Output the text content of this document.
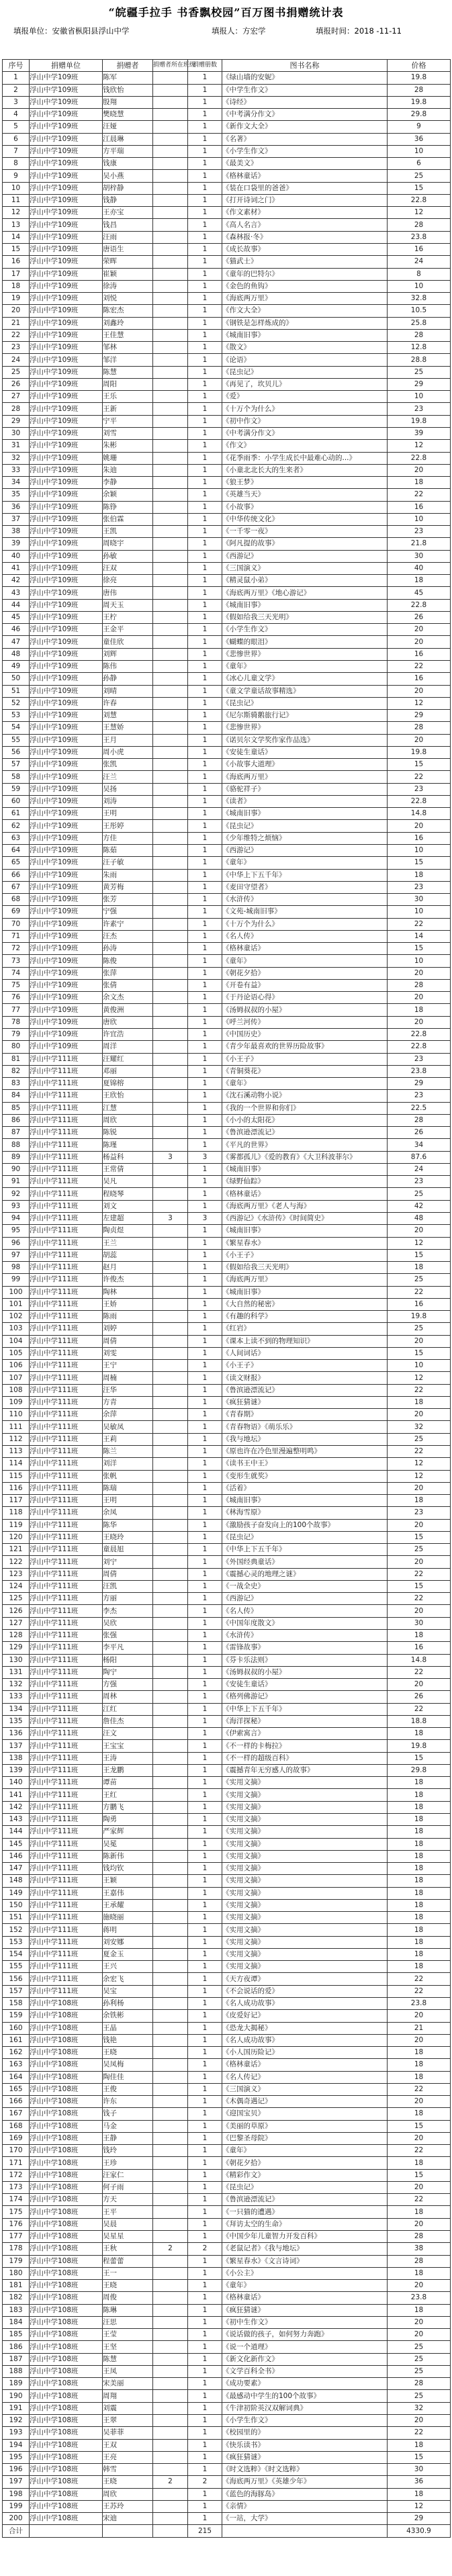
“皖疆手拉手 书香飘校园”百万图书捐赠统计表
填报单位：安徽省枞阳县浮山中学	填报人：方宏学	填报时间：2018 -11-11
序号	捐赠单位	捐赠者	捐赠者所在班级	捐赠册数	图书名称	价格
1	浮山中学109班	陈军		1	《绿山墙的安妮》	19.8
2	浮山中学109班	钱欣怡		1	《中学生作文》	28
3	浮山中学109班	殷翔		1	《诗经》	19.8
4	浮山中学109班	樊晓慧		1	《中考满分作文》	29.8
5	浮山中学109班	汪娅		1	《新作文大全》	9
6	浮山中学109班	江晨琳		1	《名著》	36
7	浮山中学109班	方平瑞		1	《小学生作文》	10
8	浮山中学109班	钱康		1	《最美文》	6
9	浮山中学109班	吴小燕		1	《格林童话》	25
10	浮山中学109班	胡梓静		1	《装在口袋里的爸爸》	15
11	浮山中学109班	钱静		1	《打开诗词之门》	22.8
12	浮山中学109班	王亦宝		1	《作文素材》	12
13	浮山中学109班	钱昌		1	《高人名言》	28
14	浮山中学109班	汪雨		1	《森林报·冬》	23.8
15	浮山中学109班	唐语生		1	《成长故事》	16
16	浮山中学109班	荣晖		1	《猫武士》	24
17	浮山中学109班	崔颖		1	《童年的巴特尔》	8
18	浮山中学109班	徐涛		1	《金色的鱼钩》	10
19	浮山中学109班	刘悦		1	《海底两万里》	32.8
20	浮山中学109班	陈宏杰		1	《作文大全》	10.5
21	浮山中学109班	刘鑫玲		1	《钢铁是怎样炼成的》	25.8
22	浮山中学109班	王佳慧		1	《城南旧事》	28
23	浮山中学109班	邹林		1	《散文》	12.8
24	浮山中学109班	邹洋		1	《论语》	28.8
25	浮山中学109班	陈慧		1	《昆虫记》	25
26	浮山中学109班	周阳		1	《再见了，坎贝儿》	29
27	浮山中学109班	王乐		1	《爱》	10
28	浮山中学109班	王新		1	《十万个为什么》	23
29	浮山中学109班	宁平		1	《初中作文》	19.8
30	浮山中学109班	刘雪		1	《中考满分作文》	39
31	浮山中学109班	朱彬		1	《作文》	12
32	浮山中学109班	姚珊		1	《花季雨季：小学生成长中最难心动的...》	22.8
33	浮山中学109班	朱迪		1	《小童北北长大的生来者》	20
34	浮山中学109班	李静		1	《狼王梦》	18
35	浮山中学109班	余颖		1	《英雄当天》	22
36	浮山中学109班	陈铮		1	《小故事》	16
37	浮山中学109班	张伯霖		1	《中华传统文化》	10
38	浮山中学109班	王凯		1	《一千零一夜》	23
39	浮山中学109班	周晓宇		1	《阿凡提的故事》	21.8
40	浮山中学109班	孙敏		1	《西游记》	30
41	浮山中学109班	汪双		1	《三国演义》	40
42	浮山中学109班	徐亮		1	《精灵鼠小弟》	18
43	浮山中学109班	唐伟		1	《海底两万里》《地心游记》	45
44	浮山中学109班	周天玉		1	《城南旧事》	22.8
45	浮山中学109班	王柠		1	《假如给我三天光明》	26
46	浮山中学109班	王金平		1	《小学生作文》	20
47	浮山中学109班	童佳欣		1	《蝴蝶的眼泪》	20
48	浮山中学109班	刘辉		1	《悲惨世界》	16
49	浮山中学109班	陈伟		1	《童年》	22
50	浮山中学109班	孙静		1	《冰心儿童文学》	16
51	浮山中学109班	刘晴		1	《童文学童话故事精选》	20
52	浮山中学109班	许春		1	《昆虫记》	12
53	浮山中学109班	刘慧		1	《尼尔斯骑鹅旅行记》	29
54	浮山中学109班	王慧娇		1	《悲惨世界》	28
55	浮山中学109班	王月		1	《诺贝尔文学奖作家作品选》	20
56	浮山中学109班	周小虎		1	《安徒生童话》	19.8
57	浮山中学109班	张凯		1	《小故事大道理》	15
58	浮山中学109班	汪兰		1	《海底两万里》	22
59	浮山中学109班	吴扬		1	《骆驼祥子》	23
60	浮山中学109班	刘涛		1	《读者》	22.8
61	浮山中学109班	王明		1	《城南旧事》	14.8
62	浮山中学109班	王彤婷		1	《昆虫记》	20
63	浮山中学109班	方佳		1	《少年维特之烦恼》	16
64	浮山中学109班	陈茹		1	《西游记》	10
65	浮山中学109班	汪子敏		1	《童年》	15
66	浮山中学109班	朱雨		1	《中华上下五千年》	18
67	浮山中学109班	黄芳梅		1	《麦田守望者》	23
68	浮山中学109班	张芳		1	《水浒传》	30
69	浮山中学109班	宁强		1	《文苑-城南旧事》	10
70	浮山中学109班	许素宁		1	《十万个为什么》	22
71	浮山中学109班	汪杰		1	《名人传》	14
72	浮山中学109班	孙涛		1	《格林童话》	15
73	浮山中学109班	陈俊		1	《童年》	10
74	浮山中学109班	张萍		1	《朝花夕拾》	20
75	浮山中学109班	张倩		1	《开卷有益》	28
76	浮山中学109班	余文杰		1	《于丹论语心得》	20
77	浮山中学109班	黄俊洲		1	《汤姆叔叔的小屋》	18
78	浮山中学109班	唐欣		1	《呼兰河传》	20
79	浮山中学109班	许宜浩		1	《中国历史》	22.8
80	浮山中学109班	周洋		1	《青少年最喜欢的世界历险故事》	22.8
81	浮山中学111班	汪耀红		1	《小王子》	23
82	浮山中学111班	邓丽		1	《青铜葵花》	23.8
83	浮山中学111班	夏锦榕		1	《童年》	29
84	浮山中学111班	王欣怡		1	《沈石溪动物小说》	23
85	浮山中学111班	江慧		1	《我的一个世界和你们》	22.5
86	浮山中学111班	周欣		1	《小小的太阳花》	28
87	浮山中学111班	陈锐		1	《鲁滨逊漂流记》	26
88	浮山中学111班	陈瑾		1	《平凡的世界》	34
89	浮山中学111班	杨益科	3	3	《雾都孤儿》《爱的教育》《大卫科波菲尔》	87.6
90	浮山中学111班	王常倩		1	《城南旧事》	24
91	浮山中学111班	吴凡		1	《绿野仙踪》	23
92	浮山中学111班	程晓琴		1	《格林童话》	25
93	浮山中学111班	刘文		1	《海底两万里》《老人与海》	42
94	浮山中学111班	左建超	3	3	《西游记》《水浒传》《时间简史》	48
95	浮山中学111班	陶贞煜		1	《城南旧事》	20
96	浮山中学111班	王兰		1	《繁星春水》	12
97	浮山中学111班	胡蕊		1	《小王子》	15
98	浮山中学111班	赵月		1	《假如给我三天光明》	18
99	浮山中学111班	许俊杰		1	《海底两万里》	25
100	浮山中学111班	陶林		1	《城南旧事》	22
101	浮山中学111班	王娇		1	《大自然的秘密》	16
102	浮山中学111班	陈雨		1	《有趣的科学》	19.8
103	浮山中学111班	刘婷		1	《红岩》	25
104	浮山中学111班	周倩		1	《课本上读不到的物理知识》	20
105	浮山中学111班	刘雯		1	《人间词话》	15
106	浮山中学111班	王宁		1	《小王子》	10
107	浮山中学111班	周楠		1	《读文财报》	12
108	浮山中学111班	汪华		1	《鲁滨逊漂流记》	22
109	浮山中学111班	方青		1	《疯狂猜谜》	18
110	浮山中学111班	余萍		1	《青春期》	20
111	浮山中学111班	吴敏凤		1	《青春物语》《萌乐乐》	32
112	浮山中学111班	王莉		1	《我与地坛》	25
113	浮山中学111班	陈兰		1	《原也许在冷色里漫遍整明鸣》	22
114	浮山中学111班	刘洋		1	《读书王中王》	12
115	浮山中学111班	张帆		1	《变形生就奖》	12
116	浮山中学111班	陈瑞		1	《活着》	20
117	浮山中学111班	王明		1	《城南旧事》	18
118	浮山中学111班	余凤		1	《林海雪原》	23
119	浮山中学111班	陈华		1	《激励孩子奋发向上的100个故事》	20
120	浮山中学111班	王晓玲		1	《昆虫记》	15
121	浮山中学111班	童晨旭		1	《中华上下五千年》	25
122	浮山中学111班	刘宁		1	《外国经典童话》	20
123	浮山中学111班	周倩		1	《震撼心灵的地理之谜》	22
124	浮山中学111班	汪凯		1	《一战全史》	15
125	浮山中学111班	方丽		1	《西游记》	22
126	浮山中学111班	李杰		1	《名人传》	20
127	浮山中学111班	吴欣		1	《中国年度散文》	30
128	浮山中学111班	张强		1	《水浒传》	18
129	浮山中学111班	李平凡		1	《雷锋故事》	16
130	浮山中学111班	杨阳		1	《芬卡乐法则》	14.8
131	浮山中学111班	陶宁		1	《汤姆叔叔的小屋》	22
132	浮山中学111班	方强		1	《安徒生童话》	20
133	浮山中学111班	周林		1	《格列佛游记》	26
134	浮山中学111班	江红		1	《中华上下五千年》	22
135	浮山中学111班	詹佳杰		1	《海洋探秘》	18.8
136	浮山中学111班	汪文		1	《伊索寓言》	18
137	浮山中学111班	王宝宝		1	《不一样的卡梅拉》	19.8
138	浮山中学111班	王涛		1	《不一样的超级百科》	15
139	浮山中学111班	王龙鹏		1	《震撼青年无穷感人的故事》	29.8
140	浮山中学111班	谭苗		1	《实用文摘》	18
141	浮山中学111班	王红		1	《实用文摘》	18
142	浮山中学111班	方鹏飞		1	《实用文摘》	18
143	浮山中学111班	陶勇		1	《实用文摘》	18
144	浮山中学111班	严家辉		1	《实用文摘》	18
145	浮山中学111班	吴冕		1	《实用文摘》	18
146	浮山中学111班	陈新伟		1	《实用文摘》	18
147	浮山中学111班	钱均钦		1	《实用文摘》	18
148	浮山中学111班	王颖		1	《实用文摘》	18
149	浮山中学111班	王嘉伟		1	《实用文摘》	18
150	浮山中学111班	王承耀		1	《实用文摘》	18
151	浮山中学111班	施晓丽		1	《实用文摘》	18
152	浮山中学111班	蒋明		1	《实用文摘》	18
153	浮山中学111班	刘安娜		1	《实用文摘》	18
154	浮山中学111班	夏金玉		1	《实用文摘》	18
155	浮山中学111班	王兴		1	《实用文摘》	18
156	浮山中学111班	余宏飞		1	《天方夜谭》	22
157	浮山中学111班	吴宝		1	《不会说话的爱》	22
158	浮山中学108班	孙利杨		1	《名人成功故事》	23.8
159	浮山中学108班	余铁彬		1	《皮爱好记》	20
160	浮山中学108班	王晶		1	《恐龙大揭秘》	21
161	浮山中学108班	钱艳		1	《名人成功故事》	20
162	浮山中学108班	王晓		1	《小人国历险记》	18
163	浮山中学108班	吴凤梅		1	《格林童话》	18
164	浮山中学108班	陶佳佳		1	《名人传记》	18
165	浮山中学108班	王俊		1	《三国演义》	22
166	浮山中学108班	许东		1	《木偶奇遇记》	20
167	浮山中学108班	钱子		1	《迎国宝贝》	18
168	浮山中学108班	马金		1	《美丽的草原》	15
169	浮山中学108班	王静		1	《巴黎圣母院》	20
170	浮山中学108班	钱玲		1	《童年》	22
171	浮山中学108班	王珍		1	《朝花夕拾》	18
172	浮山中学108班	汪家仁		1	《精彩作文》	15
173	浮山中学108班	何子雨		1	《昆虫记》	20
174	浮山中学108班	方天		1	《鲁滨逊漂流记》	22
175	浮山中学108班	王平		1	《一只猫的遭遇》	18
176	浮山中学108班	吴晨		1	《拜访太空的生命》	20
177	浮山中学108班	吴星星		1	《中国少年儿童智力开发百科》	28
178	浮山中学108班	王秋	2	2	《老鼠记者》《我与地坛》	38
179	浮山中学108班	程蕾蕾		1	《繁星春水》《文言诗词》	28
180	浮山中学108班	王一		1	《小公主》	18
181	浮山中学108班	王晓		1	《童年》	20
182	浮山中学108班	周俊		1	《格林童话》	23.8
183	浮山中学108班	陈琳		1	《疯狂猜谜》	18
184	浮山中学108班	汪思		1	《初中生作文》	20
185	浮山中学108班	王莹		1	《说话做的孩子，如何努力奔跑》	20
186	浮山中学108班	王坚		1	《说一个道理》	25
187	浮山中学108班	陈慧		1	《新文化新作文》	25
188	浮山中学108班	王凤		1	《文学百科全书》	25
189	浮山中学108班	宋美丽		1	《成功要素》	28
190	浮山中学108班	周翔		1	《最感动中学生的100个故事》	25
191	浮山中学108班	刘震		1	《牛津初阶英汉双解词典》	32
192	浮山中学108班	王翠		1	《小学生作文》	20
193	浮山中学108班	吴菲菲		1	《校园里的》	22
194	浮山中学108班	王双		1	《快乐读书》	18
195	浮山中学108班	王亮		1	《疯狂猜谜》	15
196	浮山中学108班	韩雪		1	《时文选粹》《时文选粹》	30
197	浮山中学108班	王晓	2	2	《海底两万里》《英雄少年》	36
198	浮山中学108班	周欣		1	《蓝色的海豚岛》	18
199	浮山中学108班	王苏玲		1	《亲情》	12
200	浮山中学108班	宋迪		1	《一站，大学》	29
合计				215		4330.9
